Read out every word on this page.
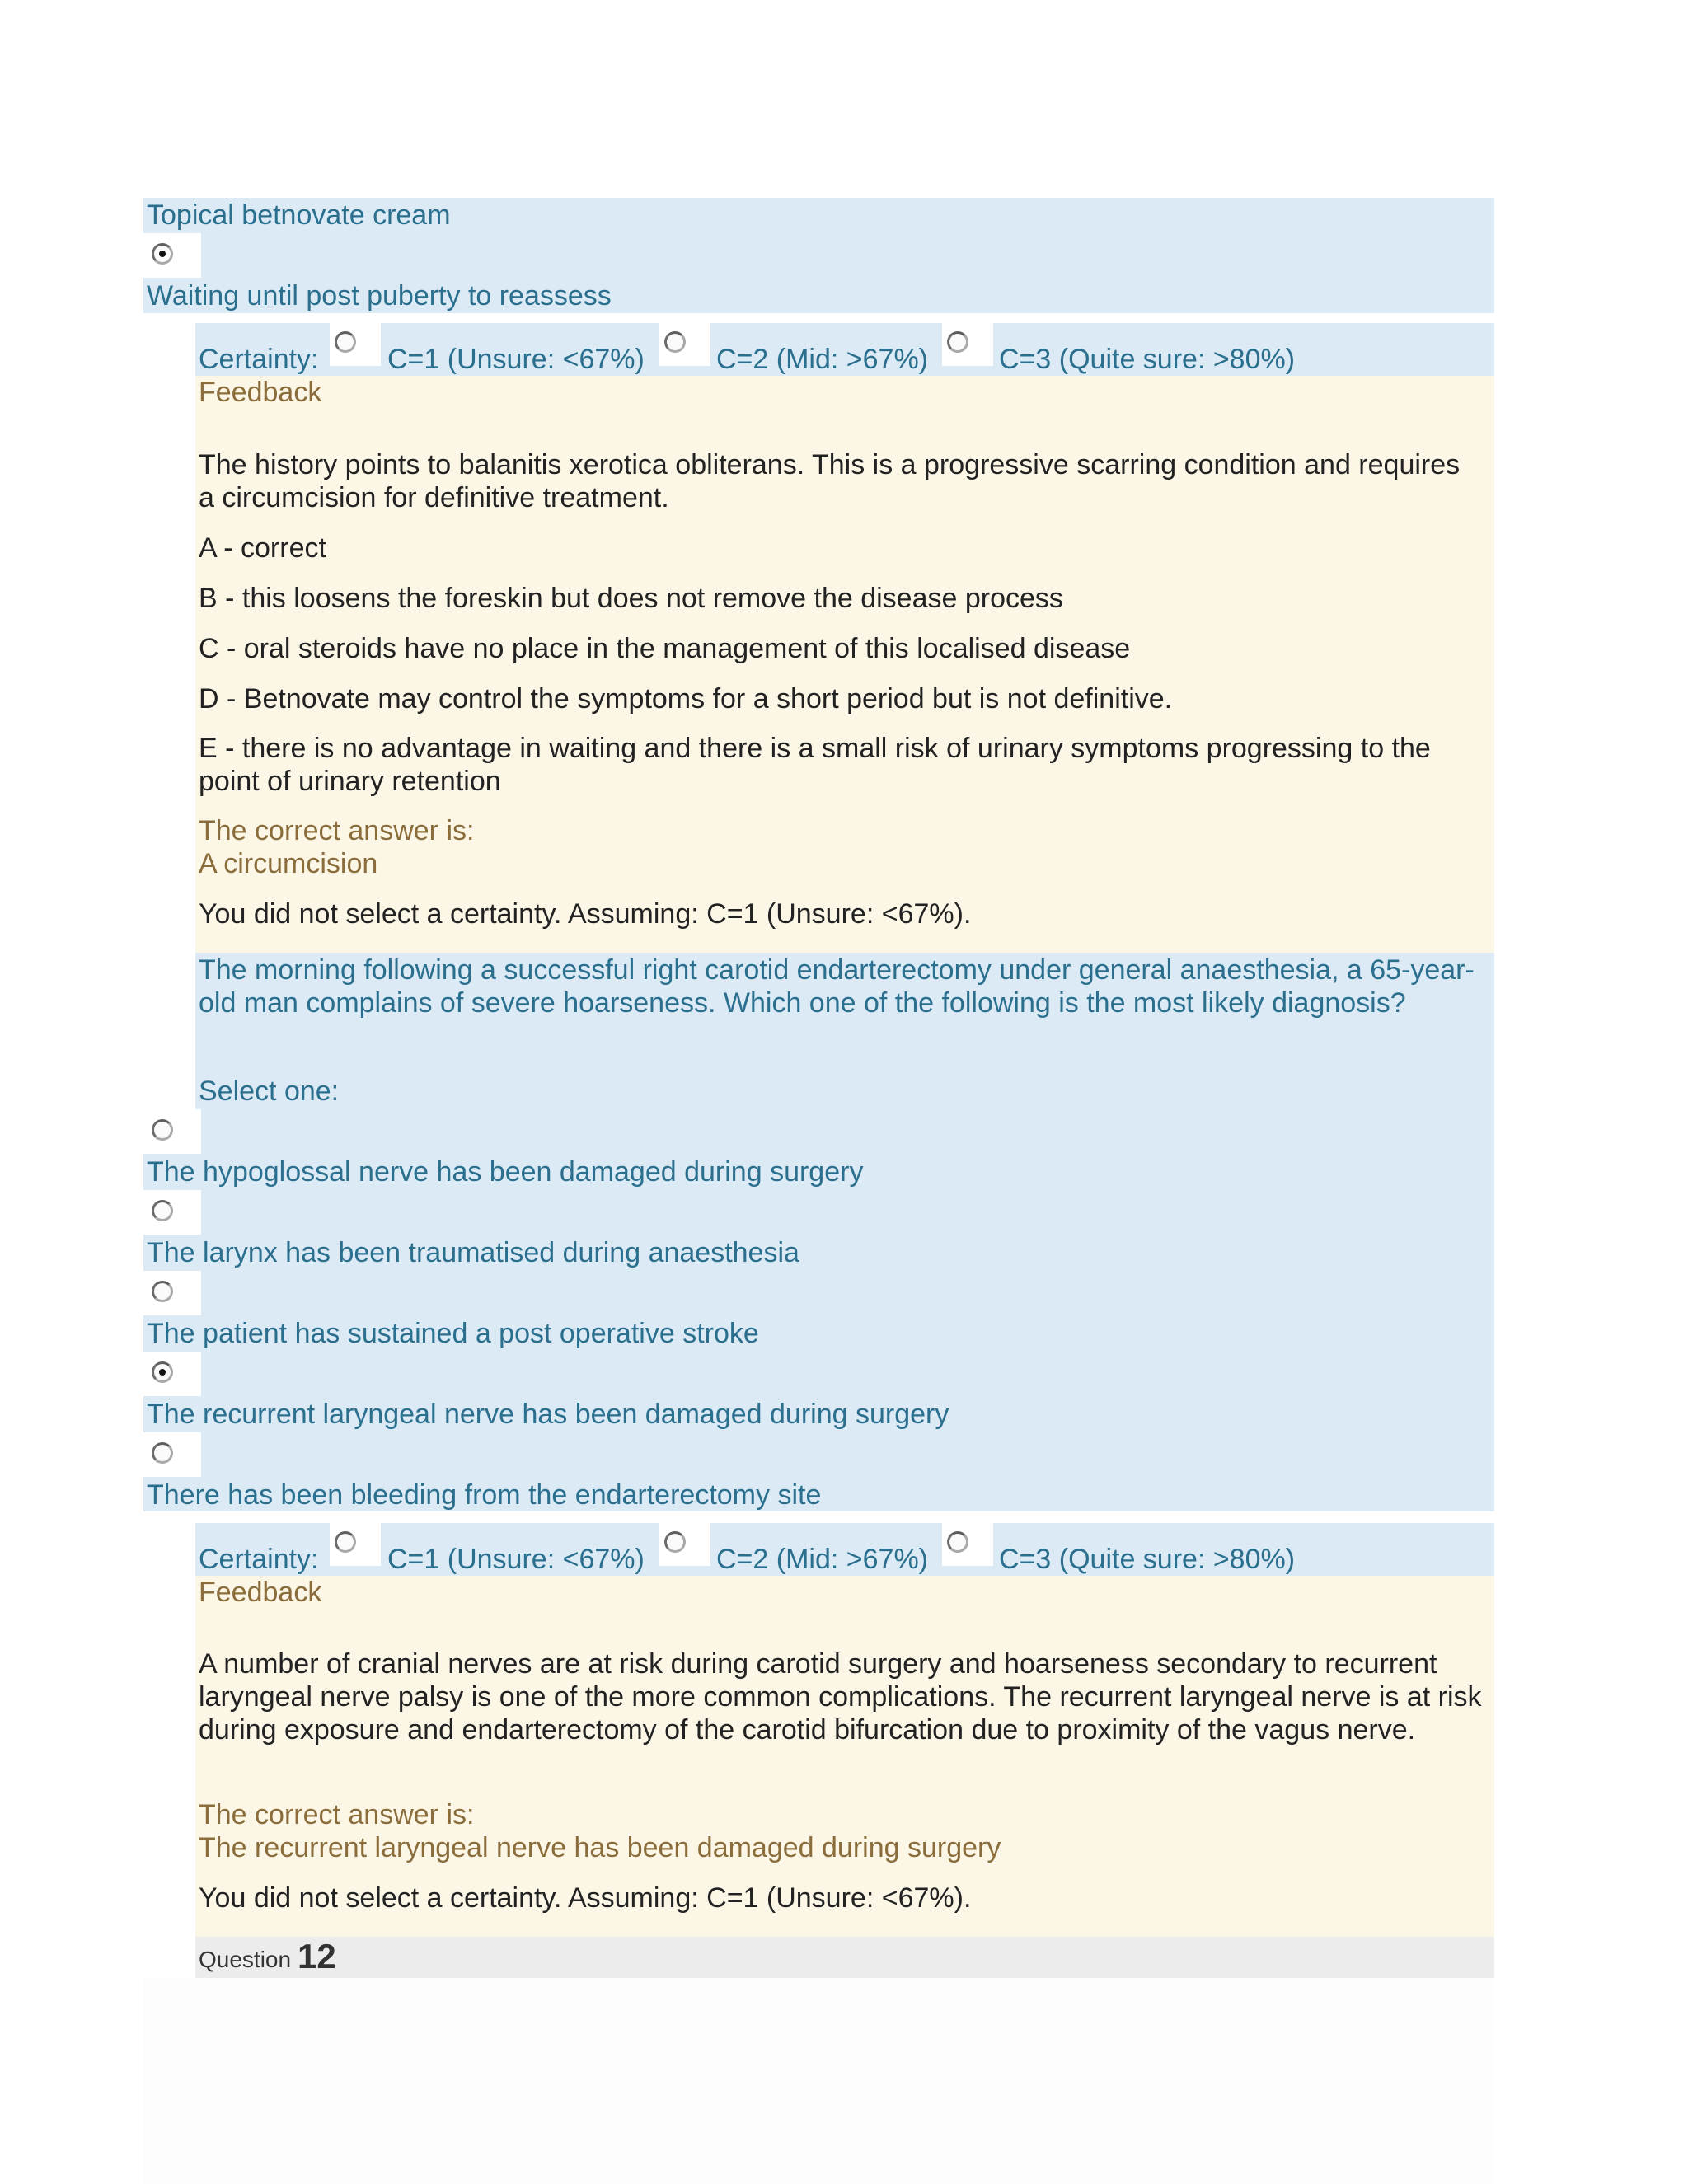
Topical betnovate cream
Waiting until post puberty to reassess
Certainty: C=1 (Unsure: <67%)	C=2 (Mid: >67%)	C=3 (Quite sure: >80%)
Feedback
The history points to balanitis xerotica obliterans. This is a progressive scarring condition and requires a circumcision for definitive treatment.
A - correct
B - this loosens the foreskin but does not remove the disease process
C - oral steroids have no place in the management of this localised disease
D - Betnovate may control the symptoms for a short period but is not definitive.
E - there is no advantage in waiting and there is a small risk of urinary symptoms progressing to the point of urinary retention
The correct answer is:
A circumcision
You did not select a certainty. Assuming: C=1 (Unsure: <67%).
The morning following a successful right carotid endarterectomy under general anaesthesia, a 65-year-old man complains of severe hoarseness. Which one of the following is the most likely diagnosis?
Select one:
The hypoglossal nerve has been damaged during surgery
The larynx has been traumatised during anaesthesia
The patient has sustained a post operative stroke
The recurrent laryngeal nerve has been damaged during surgery
There has been bleeding from the endarterectomy site
Certainty: C=1 (Unsure: <67%)	C=2 (Mid: >67%)	C=3 (Quite sure: >80%)
Feedback
A number of cranial nerves are at risk during carotid surgery and hoarseness secondary to recurrent laryngeal nerve palsy is one of the more common complications. The recurrent laryngeal nerve is at risk during exposure and endarterectomy of the carotid bifurcation due to proximity of the vagus nerve.
The correct answer is:
The recurrent laryngeal nerve has been damaged during surgery
You did not select a certainty. Assuming: C=1 (Unsure: <67%).
Question 12
